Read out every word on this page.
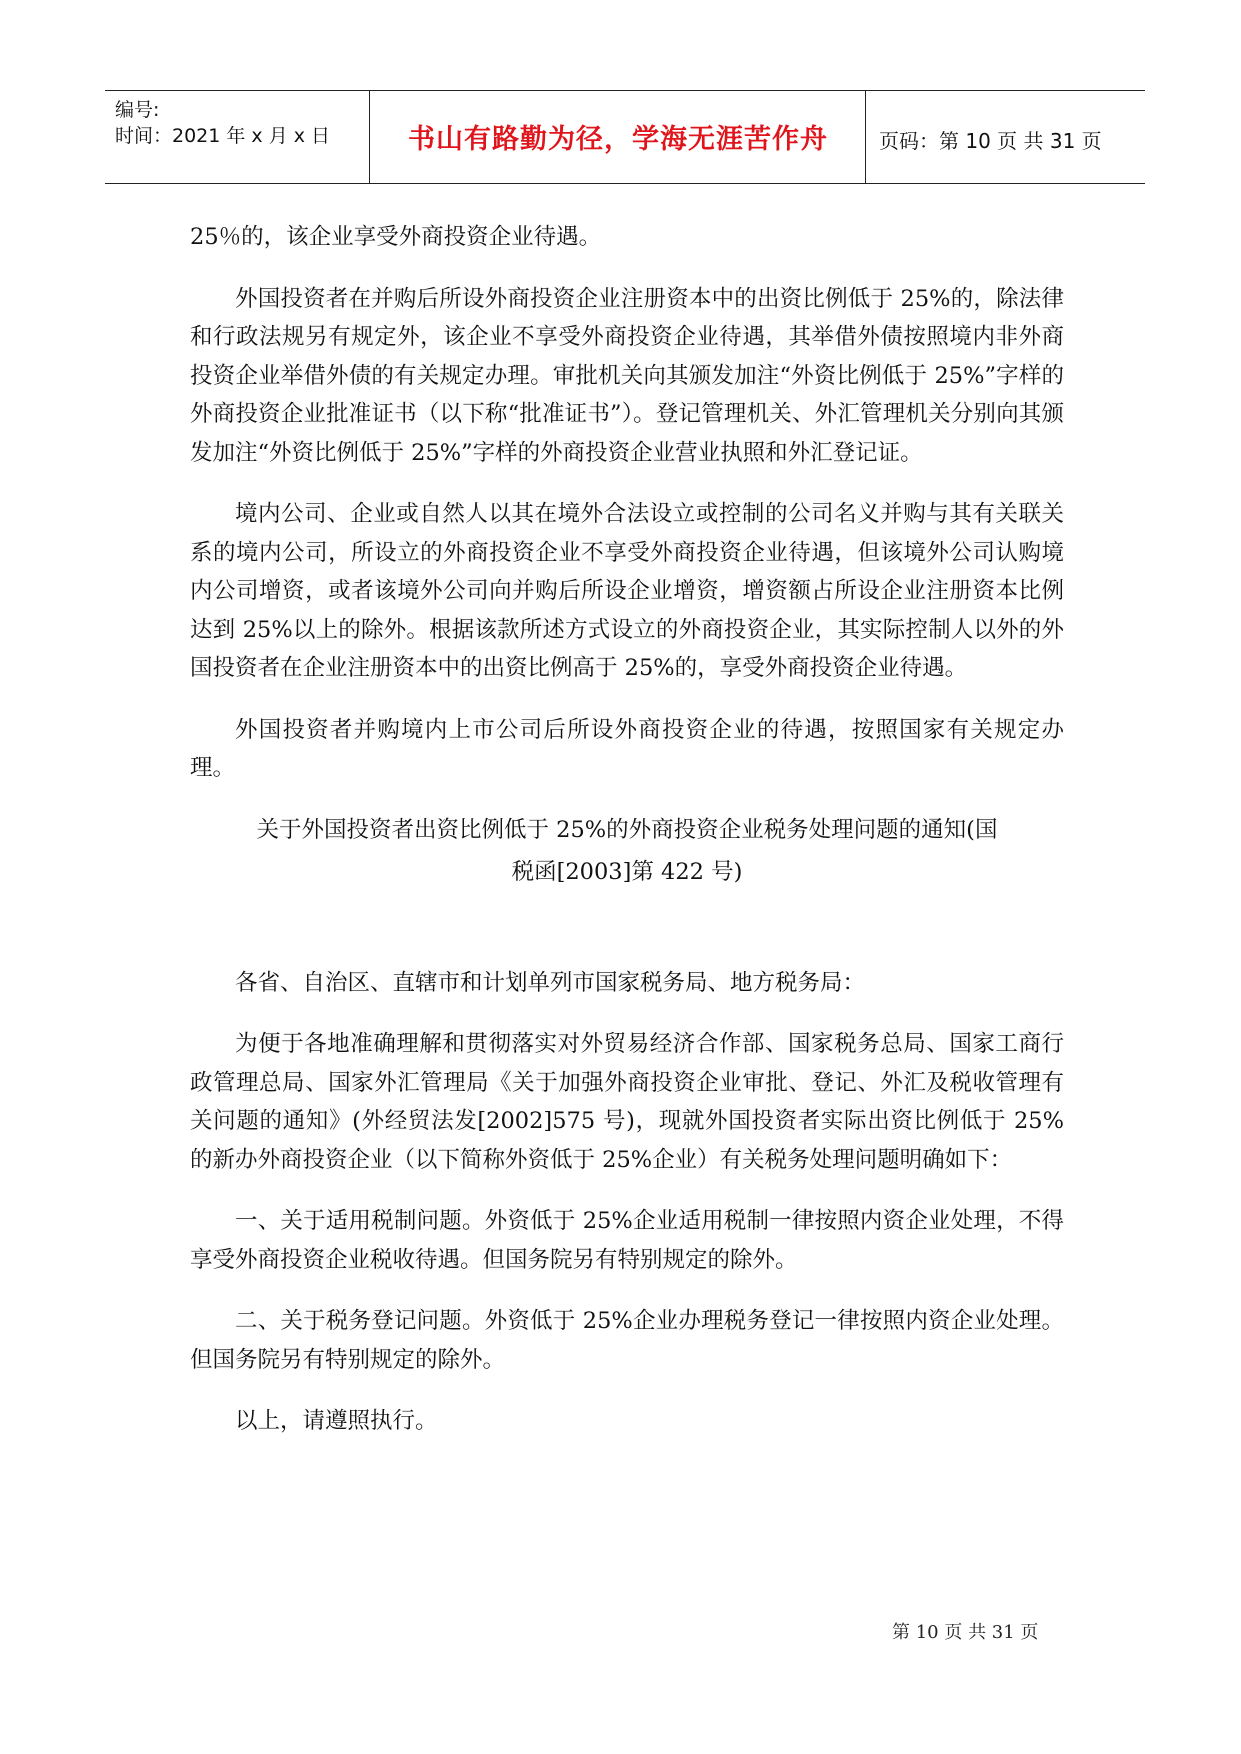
编号:
时间：2021 年 x 月 x 日	书山有路勤为径，学海无涯苦作舟	页码：第 10 页 共 31 页

25％的，该企业享受外商投资企业待遇。

外国投资者在并购后所设外商投资企业注册资本中的出资比例低于 25%的，除法律和行政法规另有规定外，该企业不享受外商投资企业待遇，其举借外债按照境内非外商投资企业举借外债的有关规定办理。审批机关向其颁发加注“外资比例低于 25%”字样的外商投资企业批准证书（以下称“批准证书”）。登记管理机关、外汇管理机关分别向其颁发加注“外资比例低于 25%”字样的外商投资企业营业执照和外汇登记证。

境内公司、企业或自然人以其在境外合法设立或控制的公司名义并购与其有关联关系的境内公司，所设立的外商投资企业不享受外商投资企业待遇，但该境外公司认购境内公司增资，或者该境外公司向并购后所设企业增资，增资额占所设企业注册资本比例达到 25%以上的除外。根据该款所述方式设立的外商投资企业，其实际控制人以外的外国投资者在企业注册资本中的出资比例高于 25%的，享受外商投资企业待遇。

外国投资者并购境内上市公司后所设外商投资企业的待遇，按照国家有关规定办理。

关于外国投资者出资比例低于 25%的外商投资企业税务处理问题的通知(国

税函[2003]第 422 号)

各省、自治区、直辖市和计划单列市国家税务局、地方税务局：

为便于各地准确理解和贯彻落实对外贸易经济合作部、国家税务总局、国家工商行政管理总局、国家外汇管理局《关于加强外商投资企业审批、登记、外汇及税收管理有关问题的通知》(外经贸法发[2002]575 号)，现就外国投资者实际出资比例低于 25%的新办外商投资企业（以下简称外资低于 25%企业）有关税务处理问题明确如下：

一、关于适用税制问题。外资低于 25%企业适用税制一律按照内资企业处理，不得享受外商投资企业税收待遇。但国务院另有特别规定的除外。

二、关于税务登记问题。外资低于 25%企业办理税务登记一律按照内资企业处理。但国务院另有特别规定的除外。

以上，请遵照执行。

第 10 页 共 31 页
